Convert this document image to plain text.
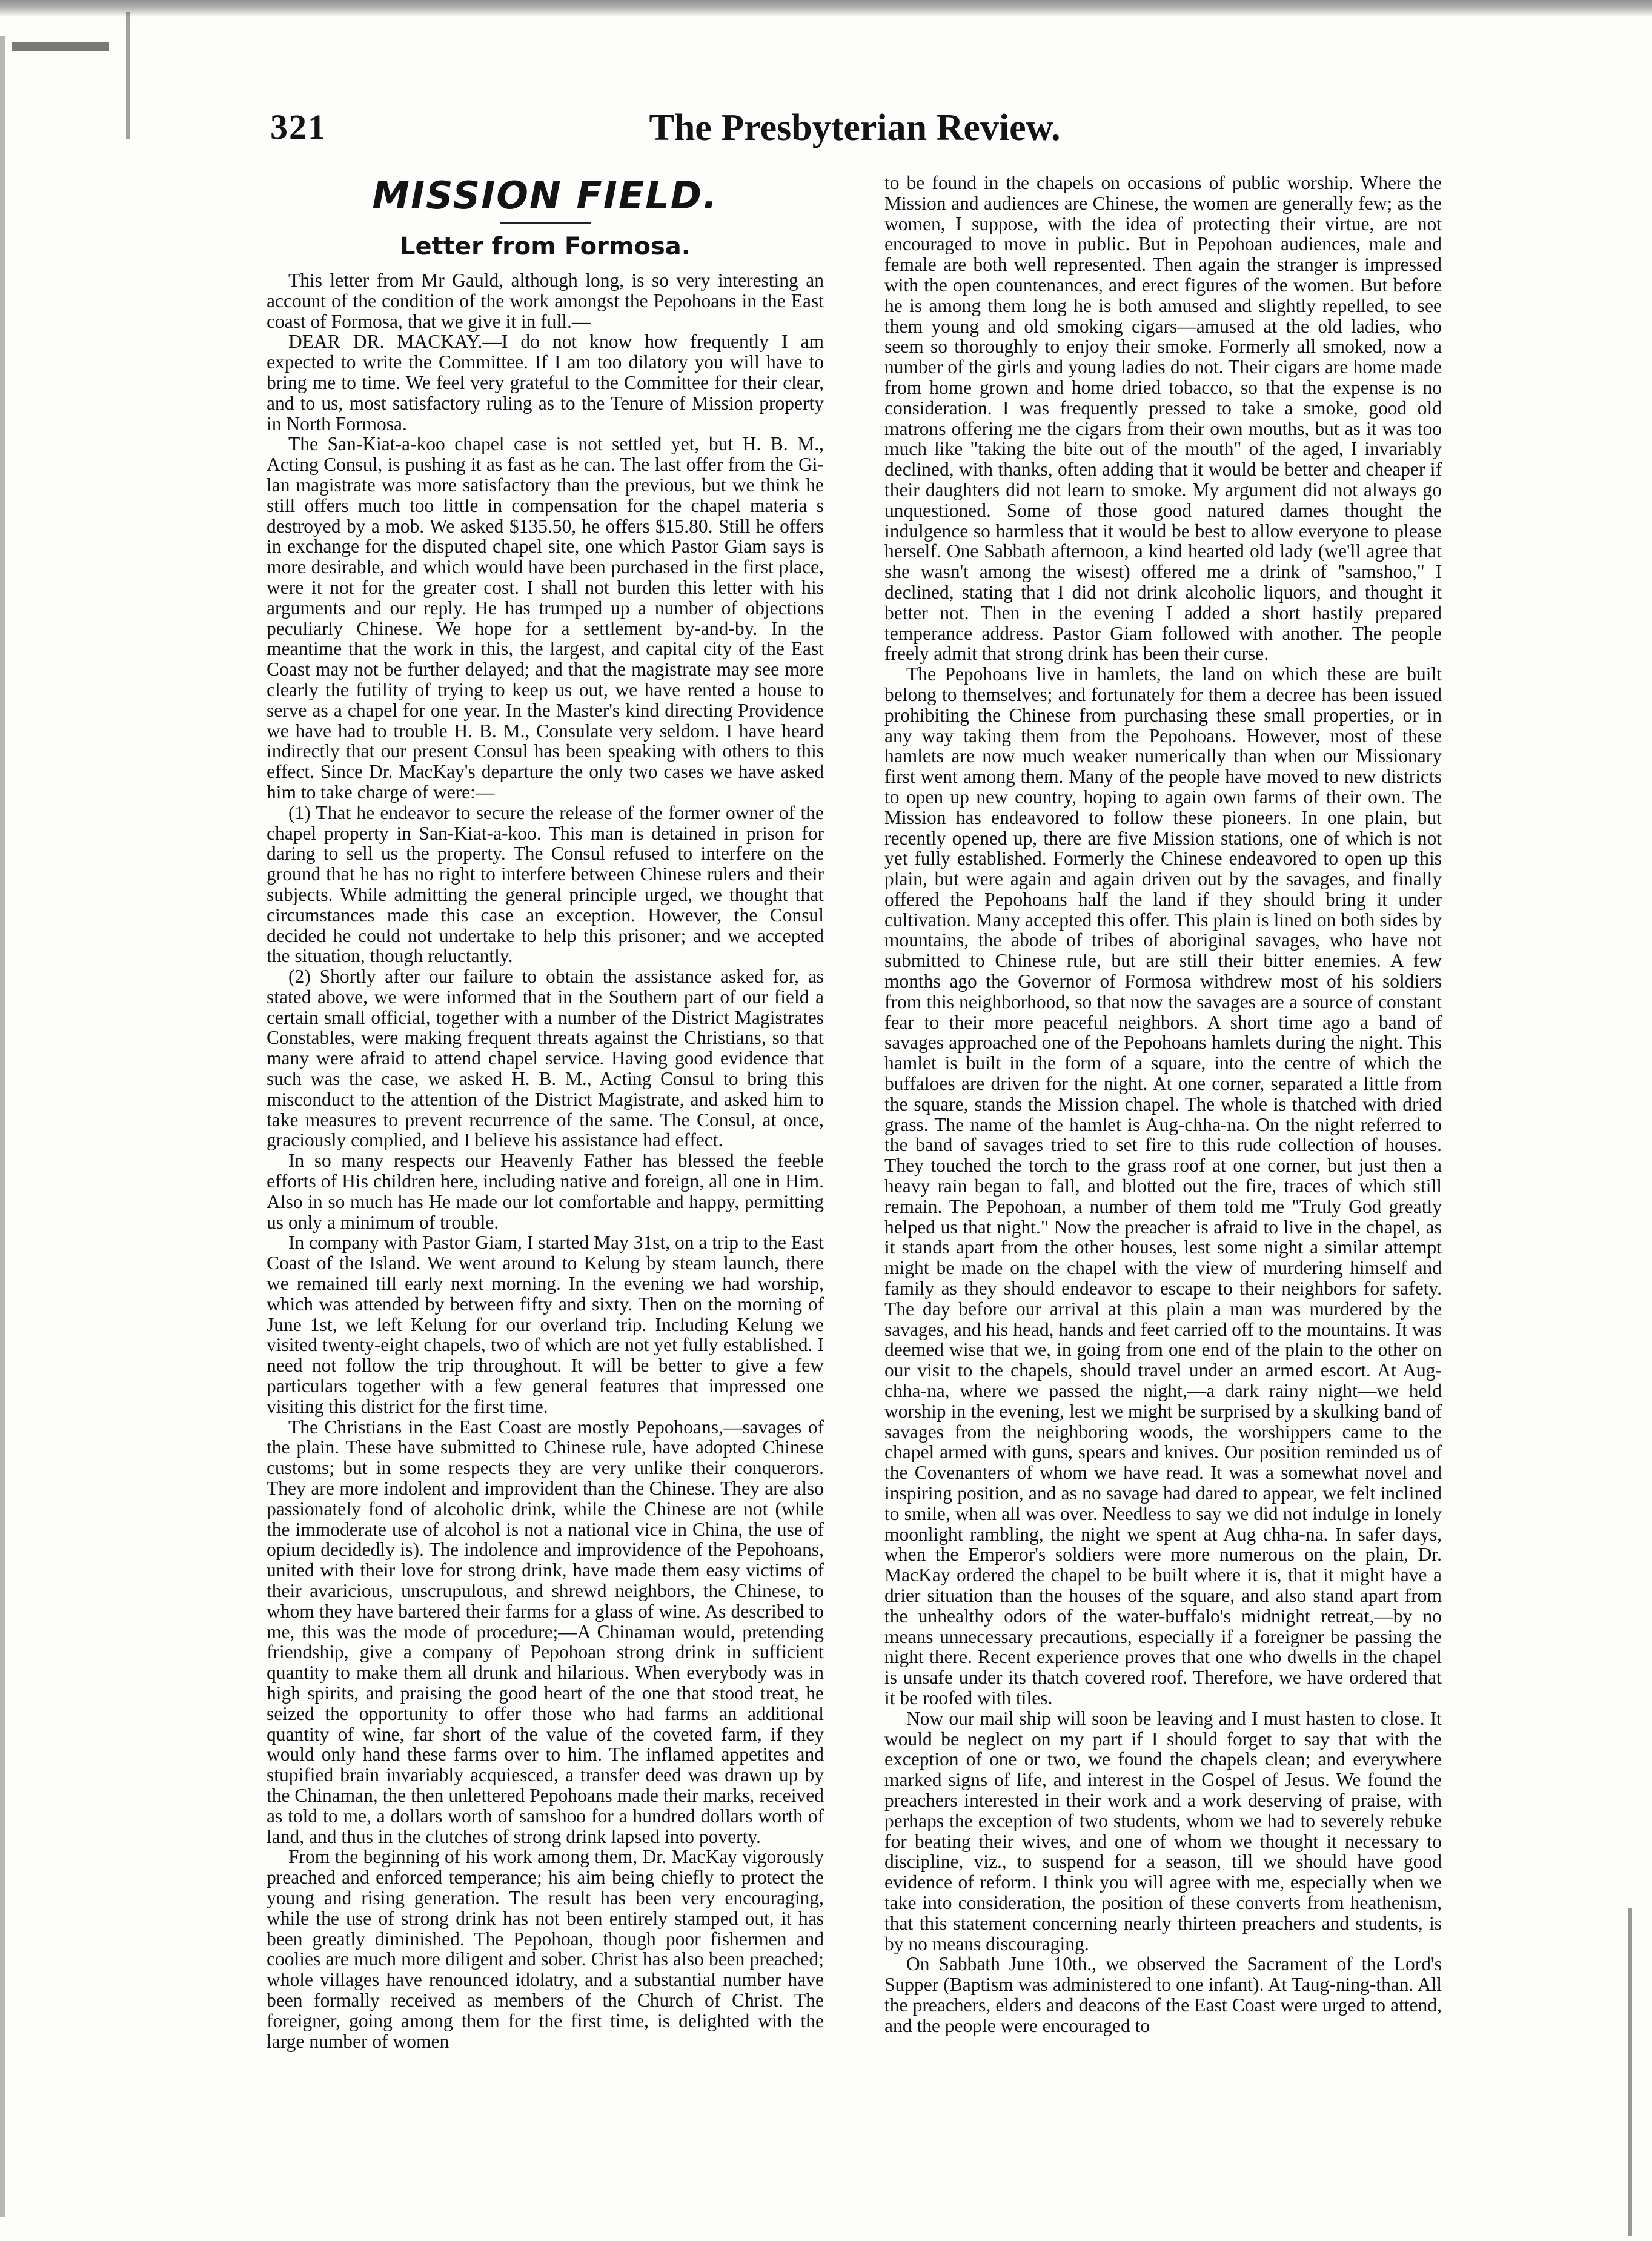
321	The Presbyterian Review.
MISSION FIELD.
Letter from Formosa.

This letter from Mr Gauld, although long, is so very interesting an account of the condition of the work amongst the Pepohoans in the East coast of Formosa, that we give it in full.—

DEAR DR. MACKAY.—I do not know how frequently I am expected to write the Committee. If I am too dilatory you will have to bring me to time. We feel very grateful to the Committee for their clear, and to us, most satisfactory ruling as to the Tenure of Mission property in North Formosa.

The San-Kiat-a-koo chapel case is not settled yet, but H. B. M., Acting Consul, is pushing it as fast as he can. The last offer from the Gi-lan magistrate was more satisfactory than the previous, but we think he still offers much too little in compensation for the chapel materia s destroyed by a mob. We asked $135.50, he offers $15.80. Still he offers in exchange for the disputed chapel site, one which Pastor Giam says is more desirable, and which would have been purchased in the first place, were it not for the greater cost. I shall not burden this letter with his arguments and our reply. He has trumped up a number of objections peculiarly Chinese. We hope for a settlement by-and-by. In the meantime that the work in this, the largest, and capital city of the East Coast may not be further delayed; and that the magistrate may see more clearly the futility of trying to keep us out, we have rented a house to serve as a chapel for one year. In the Master's kind directing Providence we have had to trouble H. B. M., Consulate very seldom. I have heard indirectly that our present Consul has been speaking with others to this effect. Since Dr. MacKay's departure the only two cases we have asked him to take charge of were:—

(1) That he endeavor to secure the release of the former owner of the chapel property in San-Kiat-a-koo. This man is detained in prison for daring to sell us the property. The Consul refused to interfere on the ground that he has no right to interfere between Chinese rulers and their subjects. While admitting the general principle urged, we thought that circumstances made this case an exception. However, the Consul decided he could not undertake to help this prisoner; and we accepted the situation, though reluctantly.

(2) Shortly after our failure to obtain the assistance asked for, as stated above, we were informed that in the Southern part of our field a certain small official, together with a number of the District Magistrates Constables, were making frequent threats against the Christians, so that many were afraid to attend chapel service. Having good evidence that such was the case, we asked H. B. M., Acting Consul to bring this misconduct to the attention of the District Magistrate, and asked him to take measures to prevent recurrence of the same. The Consul, at once, graciously complied, and I believe his assistance had effect.

In so many respects our Heavenly Father has blessed the feeble efforts of His children here, including native and foreign, all one in Him. Also in so much has He made our lot comfortable and happy, permitting us only a minimum of trouble.

In company with Pastor Giam, I started May 31st, on a trip to the East Coast of the Island. We went around to Kelung by steam launch, there we remained till early next morning. In the evening we had worship, which was attended by between fifty and sixty. Then on the morning of June 1st, we left Kelung for our overland trip. Including Kelung we visited twenty-eight chapels, two of which are not yet fully established. I need not follow the trip throughout. It will be better to give a few particulars together with a few general features that impressed one visiting this district for the first time.

The Christians in the East Coast are mostly Pepohoans,—savages of the plain. These have submitted to Chinese rule, have adopted Chinese customs; but in some respects they are very unlike their conquerors. They are more indolent and improvident than the Chinese. They are also passionately fond of alcoholic drink, while the Chinese are not (while the immoderate use of alcohol is not a national vice in China, the use of opium decidedly is). The indolence and improvidence of the Pepohoans, united with their love for strong drink, have made them easy victims of their avaricious, unscrupulous, and shrewd neighbors, the Chinese, to whom they have bartered their farms for a glass of wine. As described to me, this was the mode of procedure;—A Chinaman would, pretending friendship, give a company of Pepohoan strong drink in sufficient quantity to make them all drunk and hilarious. When everybody was in high spirits, and praising the good heart of the one that stood treat, he seized the opportunity to offer those who had farms an additional quantity of wine, far short of the value of the coveted farm, if they would only hand these farms over to him. The inflamed appetites and stupified brain invariably acquiesced, a transfer deed was drawn up by the Chinaman, the then unlettered Pepohoans made their marks, received as told to me, a dollars worth of samshoo for a hundred dollars worth of land, and thus in the clutches of strong drink lapsed into poverty.

From the beginning of his work among them, Dr. MacKay vigorously preached and enforced temperance; his aim being chiefly to protect the young and rising generation. The result has been very encouraging, while the use of strong drink has not been entirely stamped out, it has been greatly diminished. The Pepohoan, though poor fishermen and coolies are much more diligent and sober. Christ has also been preached; whole villages have renounced idolatry, and a substantial number have been formally received as members of the Church of Christ. The foreigner, going among them for the first time, is delighted with the large number of women

to be found in the chapels on occasions of public worship. Where the Mission and audiences are Chinese, the women are generally few; as the women, I suppose, with the idea of protecting their virtue, are not encouraged to move in public. But in Pepohoan audiences, male and female are both well represented. Then again the stranger is impressed with the open countenances, and erect figures of the women. But before he is among them long he is both amused and slightly repelled, to see them young and old smoking cigars—amused at the old ladies, who seem so thoroughly to enjoy their smoke. Formerly all smoked, now a number of the girls and young ladies do not. Their cigars are home made from home grown and home dried tobacco, so that the expense is no consideration. I was frequently pressed to take a smoke, good old matrons offering me the cigars from their own mouths, but as it was too much like "taking the bite out of the mouth" of the aged, I invariably declined, with thanks, often adding that it would be better and cheaper if their daughters did not learn to smoke. My argument did not always go unquestioned. Some of those good natured dames thought the indulgence so harmless that it would be best to allow everyone to please herself. One Sabbath afternoon, a kind hearted old lady (we'll agree that she wasn't among the wisest) offered me a drink of "samshoo," I declined, stating that I did not drink alcoholic liquors, and thought it better not. Then in the evening I added a short hastily prepared temperance address. Pastor Giam followed with another. The people freely admit that strong drink has been their curse.

The Pepohoans live in hamlets, the land on which these are built belong to themselves; and fortunately for them a decree has been issued prohibiting the Chinese from purchasing these small properties, or in any way taking them from the Pepohoans. However, most of these hamlets are now much weaker numerically than when our Missionary first went among them. Many of the people have moved to new districts to open up new country, hoping to again own farms of their own. The Mission has endeavored to follow these pioneers. In one plain, but recently opened up, there are five Mission stations, one of which is not yet fully established. Formerly the Chinese endeavored to open up this plain, but were again and again driven out by the savages, and finally offered the Pepohoans half the land if they should bring it under cultivation. Many accepted this offer. This plain is lined on both sides by mountains, the abode of tribes of aboriginal savages, who have not submitted to Chinese rule, but are still their bitter enemies. A few months ago the Governor of Formosa withdrew most of his soldiers from this neighborhood, so that now the savages are a source of constant fear to their more peaceful neighbors. A short time ago a band of savages approached one of the Pepohoans hamlets during the night. This hamlet is built in the form of a square, into the centre of which the buffaloes are driven for the night. At one corner, separated a little from the square, stands the Mission chapel. The whole is thatched with dried grass. The name of the hamlet is Aug-chha-na. On the night referred to the band of savages tried to set fire to this rude collection of houses. They touched the torch to the grass roof at one corner, but just then a heavy rain began to fall, and blotted out the fire, traces of which still remain. The Pepohoan, a number of them told me "Truly God greatly helped us that night." Now the preacher is afraid to live in the chapel, as it stands apart from the other houses, lest some night a similar attempt might be made on the chapel with the view of murdering himself and family as they should endeavor to escape to their neighbors for safety. The day before our arrival at this plain a man was murdered by the savages, and his head, hands and feet carried off to the mountains. It was deemed wise that we, in going from one end of the plain to the other on our visit to the chapels, should travel under an armed escort. At Aug-chha-na, where we passed the night,—a dark rainy night—we held worship in the evening, lest we might be surprised by a skulking band of savages from the neighboring woods, the worshippers came to the chapel armed with guns, spears and knives. Our position reminded us of the Covenanters of whom we have read. It was a somewhat novel and inspiring position, and as no savage had dared to appear, we felt inclined to smile, when all was over. Needless to say we did not indulge in lonely moonlight rambling, the night we spent at Aug chha-na. In safer days, when the Emperor's soldiers were more numerous on the plain, Dr. MacKay ordered the chapel to be built where it is, that it might have a drier situation than the houses of the square, and also stand apart from the unhealthy odors of the water-buffalo's midnight retreat,—by no means unnecessary precautions, especially if a foreigner be passing the night there. Recent experience proves that one who dwells in the chapel is unsafe under its thatch covered roof. Therefore, we have ordered that it be roofed with tiles.

Now our mail ship will soon be leaving and I must hasten to close. It would be neglect on my part if I should forget to say that with the exception of one or two, we found the chapels clean; and everywhere marked signs of life, and interest in the Gospel of Jesus. We found the preachers interested in their work and a work deserving of praise, with perhaps the exception of two students, whom we had to severely rebuke for beating their wives, and one of whom we thought it necessary to discipline, viz., to suspend for a season, till we should have good evidence of reform. I think you will agree with me, especially when we take into consideration, the position of these converts from heathenism, that this statement concerning nearly thirteen preachers and students, is by no means discouraging.

On Sabbath June 10th., we observed the Sacrament of the Lord's Supper (Baptism was administered to one infant). At Taug-ning-than. All the preachers, elders and deacons of the East Coast were urged to attend, and the people were encouraged to
